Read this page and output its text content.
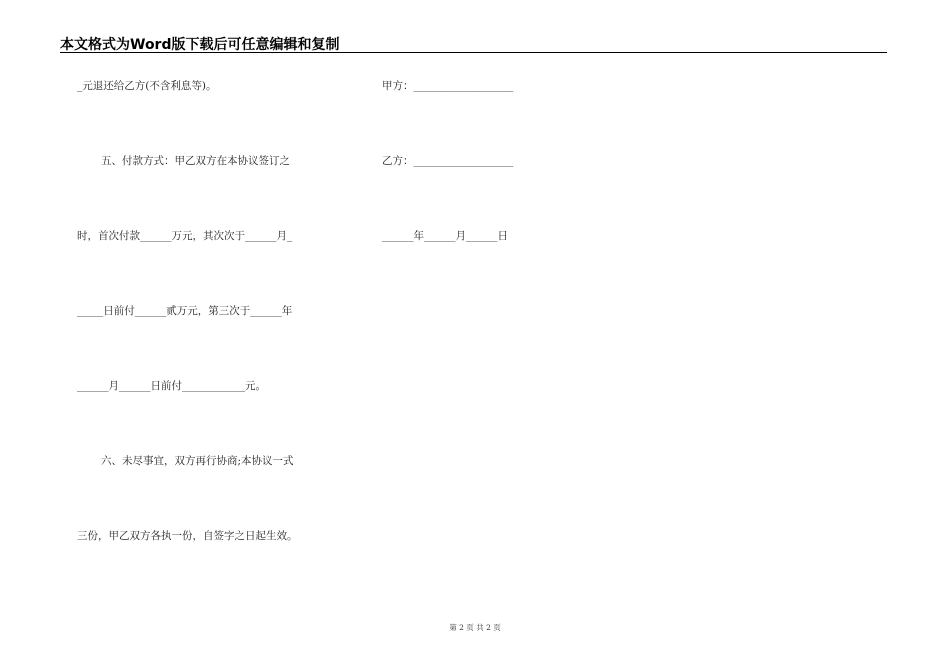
本文格式为Word版下载后可任意编辑和复制
_元退还给乙方(不含利息等)。
五、付款方式：甲乙双方在本协议签订之
时，首次付款______万元，其次次于______月_
_____日前付______贰万元，第三次于______年
______月______日前付____________元。
六、未尽事宜，双方再行协商;本协议一式
三份，甲乙双方各执一份，自签字之日起生效。
甲方：___________________
乙方：___________________
______年______月______日
第 2 页 共 2 页
